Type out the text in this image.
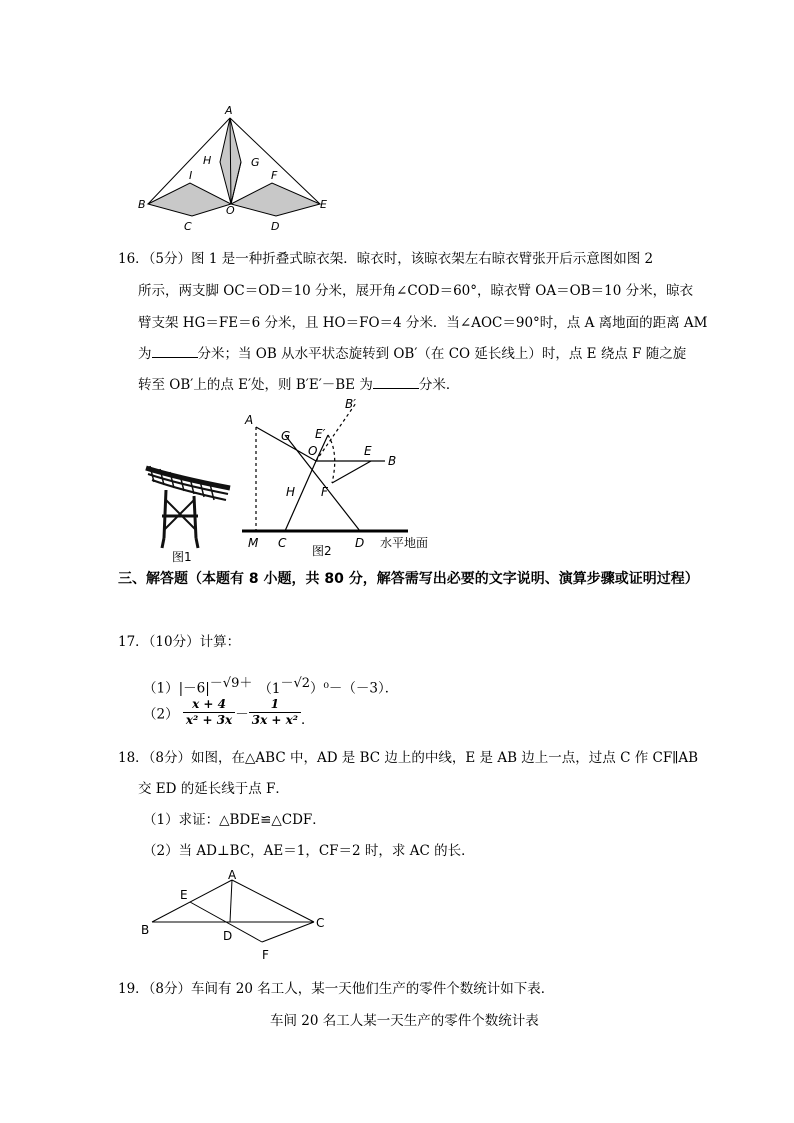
A
H	G
I	F
B	O	E
C	D
16．（5分）图 1 是一种折叠式晾衣架．晾衣时，该晾衣架左右晾衣臂张开后示意图如图 2
所示，两支脚 OC＝OD＝10 分米，展开角∠COD＝60°，晾衣臂 OA＝OB＝10 分米，晾衣
臂支架 HG＝FE＝6 分米，且 HO＝FO＝4 分米．当∠AOC＝90°时，点 A 离地面的距离 AM
为	分米；当 OB 从水平状态旋转到 OB′（在 CO 延长线上）时，点 E 绕点 F 随之旋
转至 OB′上的点 E′处，则 B′E′－BE 为	分米．
图1
A
G E′
B′
O	E
B
H F
M C	D
图2
水平地面
三、解答题（本题有 8 小题，共 80 分，解答需写出必要的文字说明、演算步骤或证明过程）
17．（10分）计算：
$(1)|-6|^{-√9+}$ $(1^{-√2})^0-(-3)$．
$(2) \frac{x + 4}{\text{x² + 3x}} - \frac{1}{\text{3x + x²}}$ ．
18．（8分）如图，在△ABC 中，AD 是 BC 边上的中线，E 是 AB 边上一点，过点 C 作 CF∥AB
交 ED 的延长线于点 F．
（1）求证：△BDE≌△CDF．
（2）当 AD⊥BC，AE＝1，CF＝2 时，求 AC 的长．
A
E
B	D
C
F
19．（8分）车间有 20 名工人，某一天他们生产的零件个数统计如下表．
车间 20 名工人某一天生产的零件个数统计表
